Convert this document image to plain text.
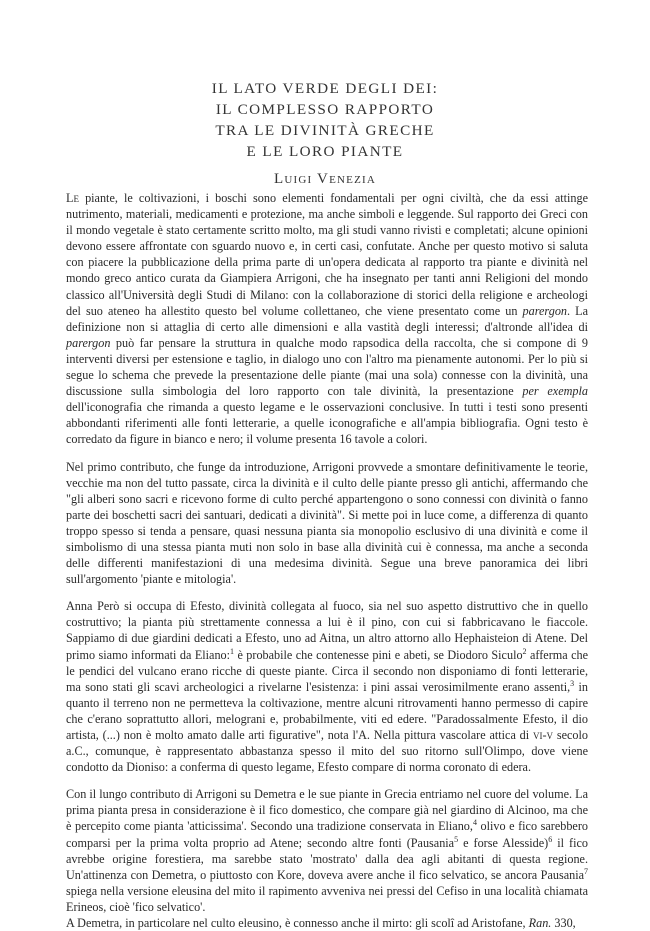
IL LATO VERDE DEGLI DEI:
IL COMPLESSO RAPPORTO
TRA LE DIVINITÀ GRECHE
E LE LORO PIANTE
Luigi Venezia

Le piante, le coltivazioni, i boschi sono elementi fondamentali per ogni civiltà, che da essi attinge nutrimento, materiali, medicamenti e protezione, ma anche simboli e leggende. Sul rapporto dei Greci con il mondo vegetale è stato certamente scritto molto, ma gli studi vanno rivisti e completati; alcune opinioni devono essere affrontate con sguardo nuovo e, in certi casi, confutate. Anche per questo motivo si saluta con piacere la pubblicazione della prima parte di un'opera dedicata al rapporto tra piante e divinità nel mondo greco antico curata da Giampiera Arrigoni, che ha insegnato per tanti anni Religioni del mondo classico all'Università degli Studi di Milano: con la collaborazione di storici della religione e archeologi del suo ateneo ha allestito questo bel volume collettaneo, che viene presentato come un parergon. La definizione non si attaglia di certo alle dimensioni e alla vastità degli interessi; d'altronde all'idea di parergon può far pensare la struttura in qualche modo rapsodica della raccolta, che si compone di 9 interventi diversi per estensione e taglio, in dialogo uno con l'altro ma pienamente autonomi. Per lo più si segue lo schema che prevede la presentazione delle piante (mai una sola) connesse con la divinità, una discussione sulla simbologia del loro rapporto con tale divinità, la presentazione per exempla dell'iconografia che rimanda a questo legame e le osservazioni conclusive. In tutti i testi sono presenti abbondanti riferimenti alle fonti letterarie, a quelle iconografiche e all'ampia bibliografia. Ogni testo è corredato da figure in bianco e nero; il volume presenta 16 tavole a colori.

Nel primo contributo, che funge da introduzione, Arrigoni provvede a smontare definitivamente le teorie, vecchie ma non del tutto passate, circa la divinità e il culto delle piante presso gli antichi, affermando che "gli alberi sono sacri e ricevono forme di culto perché appartengono o sono connessi con divinità o fanno parte dei boschetti sacri dei santuari, dedicati a divinità". Si mette poi in luce come, a differenza di quanto troppo spesso si tenda a pensare, quasi nessuna pianta sia monopolio esclusivo di una divinità e come il simbolismo di una stessa pianta muti non solo in base alla divinità cui è connessa, ma anche a seconda delle differenti manifestazioni di una medesima divinità. Segue una breve panoramica dei libri sull'argomento 'piante e mitologia'.

Anna Però si occupa di Efesto, divinità collegata al fuoco, sia nel suo aspetto distruttivo che in quello costruttivo; la pianta più strettamente connessa a lui è il pino, con cui si fabbricavano le fiaccole. Sappiamo di due giardini dedicati a Efesto, uno ad Aitna, un altro attorno allo Hephaisteion di Atene. Del primo siamo informati da Eliano:$^1$ è probabile che contenesse pini e abeti, se Diodoro Siculo$^2$ afferma che le pendici del vulcano erano ricche di queste piante. Circa il secondo non disponiamo di fonti letterarie, ma sono stati gli scavi archeologici a rivelarne l'esistenza: i pini assai verosimilmente erano assenti,$^3$ in quanto il terreno non ne permetteva la coltivazione, mentre alcuni ritrovamenti hanno permesso di capire che c'erano soprattutto allori, melograni e, probabilmente, viti ed edere. "Paradossalmente Efesto, il dio artista, (...) non è molto amato dalle arti figurative", nota l'A. Nella pittura vascolare attica di vi-v secolo a.C., comunque, è rappresentato abbastanza spesso il mito del suo ritorno sull'Olimpo, dove viene condotto da Dioniso: a conferma di questo legame, Efesto compare di norma coronato di edera.

Con il lungo contributo di Arrigoni su Demetra e le sue piante in Grecia entriamo nel cuore del volume. La prima pianta presa in considerazione è il fico domestico, che compare già nel giardino di Alcinoo, ma che è percepito come pianta 'atticissima'. Secondo una tradizione conservata in Eliano,$^4$ olivo e fico sarebbero comparsi per la prima volta proprio ad Atene; secondo altre fonti (Pausania$^5$ e forse Alesside)$^6$ il fico avrebbe origine forestiera, ma sarebbe stato 'mostrato' dalla dea agli abitanti di questa regione. Un'attinenza con Demetra, o piuttosto con Kore, doveva avere anche il fico selvatico, se ancora Pausania$^7$ spiega nella versione eleusina del mito il rapimento avveniva nei pressi del Cefiso in una località chiamata Erineos, cioè 'fico selvatico'.

A Demetra, in particolare nel culto eleusino, è connesso anche il mirto: gli scolî ad Aristofane, Ran. 330,
